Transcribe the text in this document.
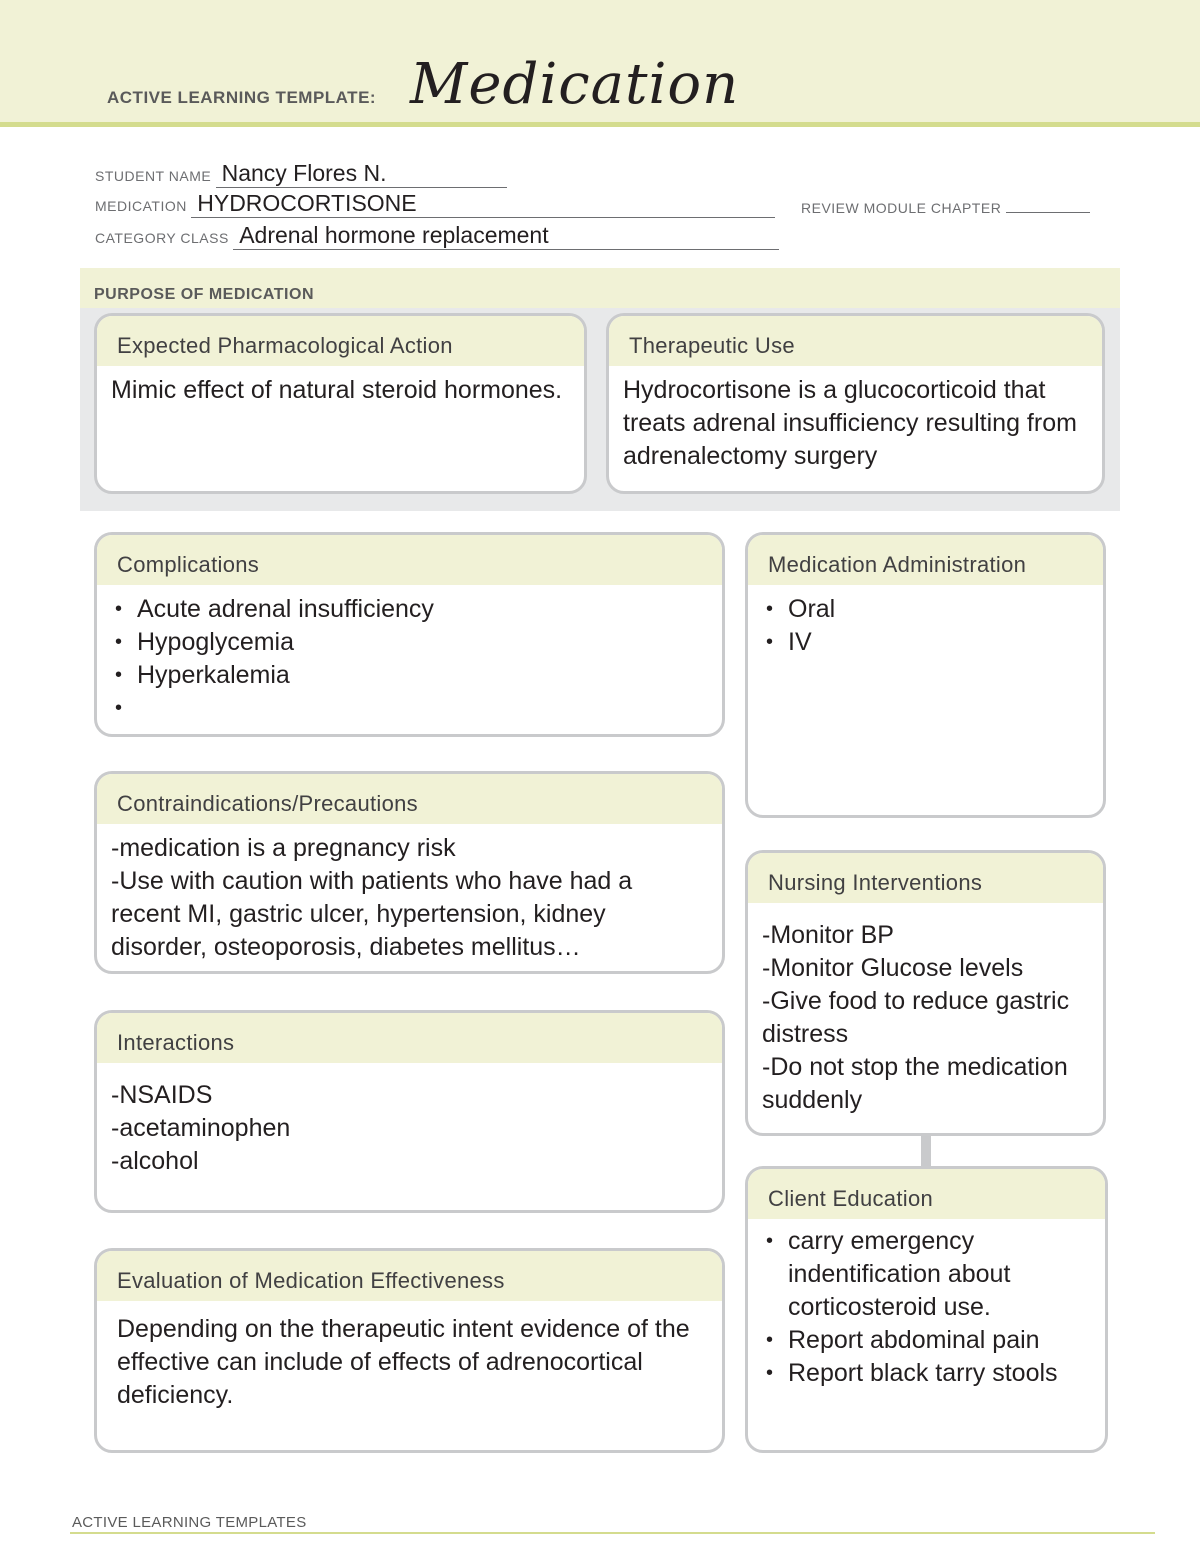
ACTIVE LEARNING TEMPLATE: Medication
STUDENT NAME Nancy Flores N.
MEDICATION HYDROCORTISONE	REVIEW MODULE CHAPTER
CATEGORY CLASS Adrenal hormone replacement
PURPOSE OF MEDICATION
Expected Pharmacological Action
Mimic effect of natural steroid hormones.
Therapeutic Use
Hydrocortisone is a glucocorticoid that treats adrenal insufficiency resulting from adrenalectomy surgery
Complications
• Acute adrenal insufficiency
• Hypoglycemia
• Hyperkalemia
•
Medication Administration
• Oral
• IV
Contraindications/Precautions
-medication is a pregnancy risk
-Use with caution with patients who have had a recent MI, gastric ulcer, hypertension, kidney disorder, osteoporosis, diabetes mellitus…
Nursing Interventions
-Monitor BP
-Monitor Glucose levels
-Give food to reduce gastric distress
-Do not stop the medication suddenly
Interactions
-NSAIDS
-acetaminophen
-alcohol
Client Education
• carry emergency indentification about corticosteroid use.
• Report abdominal pain
• Report black tarry stools
Evaluation of Medication Effectiveness
Depending on the therapeutic intent evidence of the effective can include of effects of adrenocortical deficiency.
ACTIVE LEARNING TEMPLATES
